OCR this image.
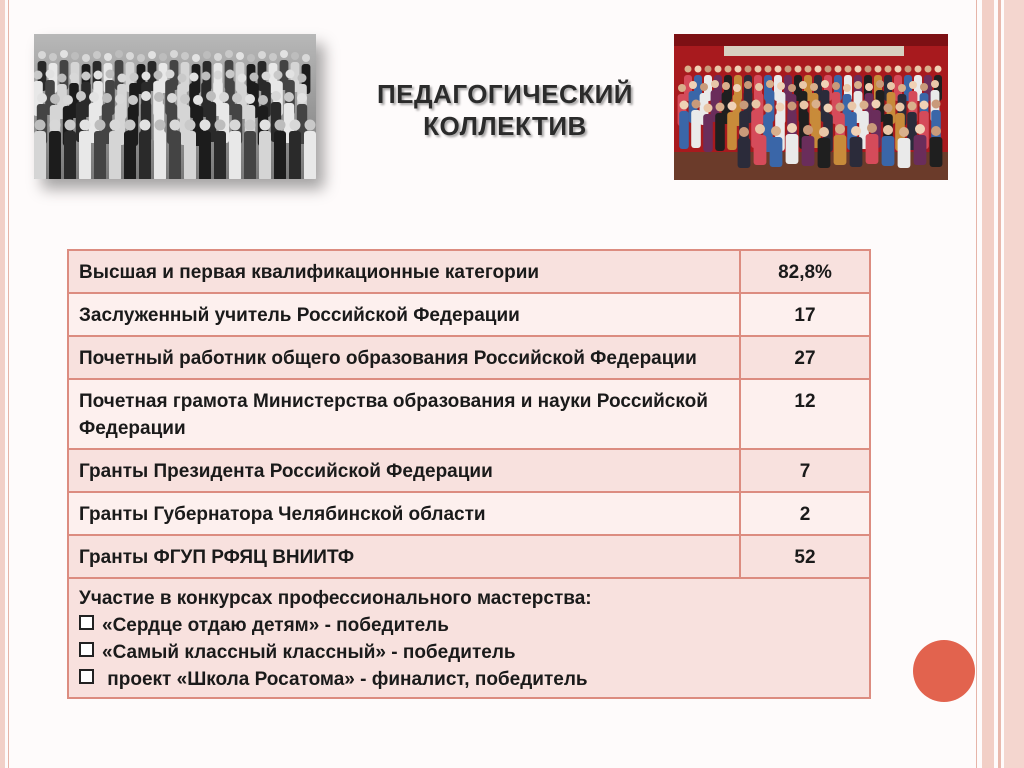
ПЕДАГОГИЧЕСКИЙ
КОЛЛЕКТИВ
Высшая и первая квалификационные категории	82,8%
Заслуженный учитель Российской Федерации	17
Почетный работник общего образования Российской Федерации	27
Почетная грамота Министерства образования и науки Российской Федерации	12
Гранты Президента Российской Федерации	7
Гранты Губернатора Челябинской области	2
Гранты ФГУП РФЯЦ ВНИИТФ	52

Участие в конкурсах профессионального мастерства:
«Сердце отдаю детям» - победитель
«Самый классный классный» - победитель
проект «Школа Росатома» - финалист, победитель	
